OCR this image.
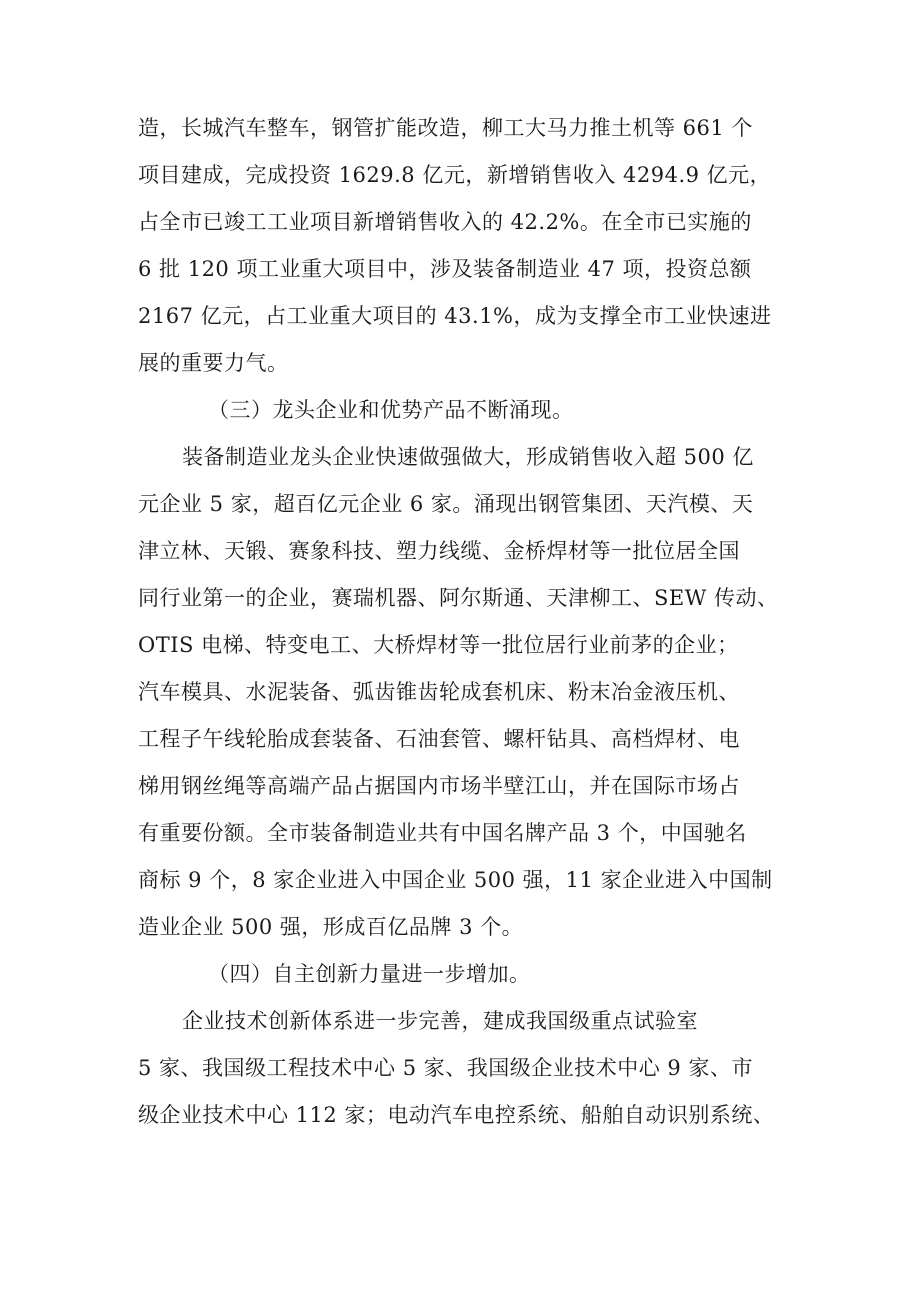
造，长城汽车整车，钢管扩能改造，柳工大马力推土机等 661 个
项目建成，完成投资 1629.8 亿元，新增销售收入 4294.9 亿元，
占全市已竣工工业项目新增销售收入的 42.2%。在全市已实施的
6 批 120 项工业重大项目中，涉及装备制造业 47 项，投资总额
2167 亿元，占工业重大项目的 43.1%，成为支撑全市工业快速进
展的重要力气。
（三）龙头企业和优势产品不断涌现。
装备制造业龙头企业快速做强做大，形成销售收入超 500 亿
元企业 5 家，超百亿元企业 6 家。涌现出钢管集团、天汽模、天
津立林、天锻、赛象科技、塑力线缆、金桥焊材等一批位居全国
同行业第一的企业，赛瑞机器、阿尔斯通、天津柳工、SEW 传动、
OTIS 电梯、特变电工、大桥焊材等一批位居行业前茅的企业；
汽车模具、水泥装备、弧齿锥齿轮成套机床、粉末冶金液压机、
工程子午线轮胎成套装备、石油套管、螺杆钻具、高档焊材、电
梯用钢丝绳等高端产品占据国内市场半壁江山，并在国际市场占
有重要份额。全市装备制造业共有中国名牌产品 3 个，中国驰名
商标 9 个，8 家企业进入中国企业 500 强，11 家企业进入中国制
造业企业 500 强，形成百亿品牌 3 个。
（四）自主创新力量进一步增加。
企业技术创新体系进一步完善，建成我国级重点试验室
5 家、我国级工程技术中心 5 家、我国级企业技术中心 9 家、市
级企业技术中心 112 家；电动汽车电控系统、船舶自动识别系统、
